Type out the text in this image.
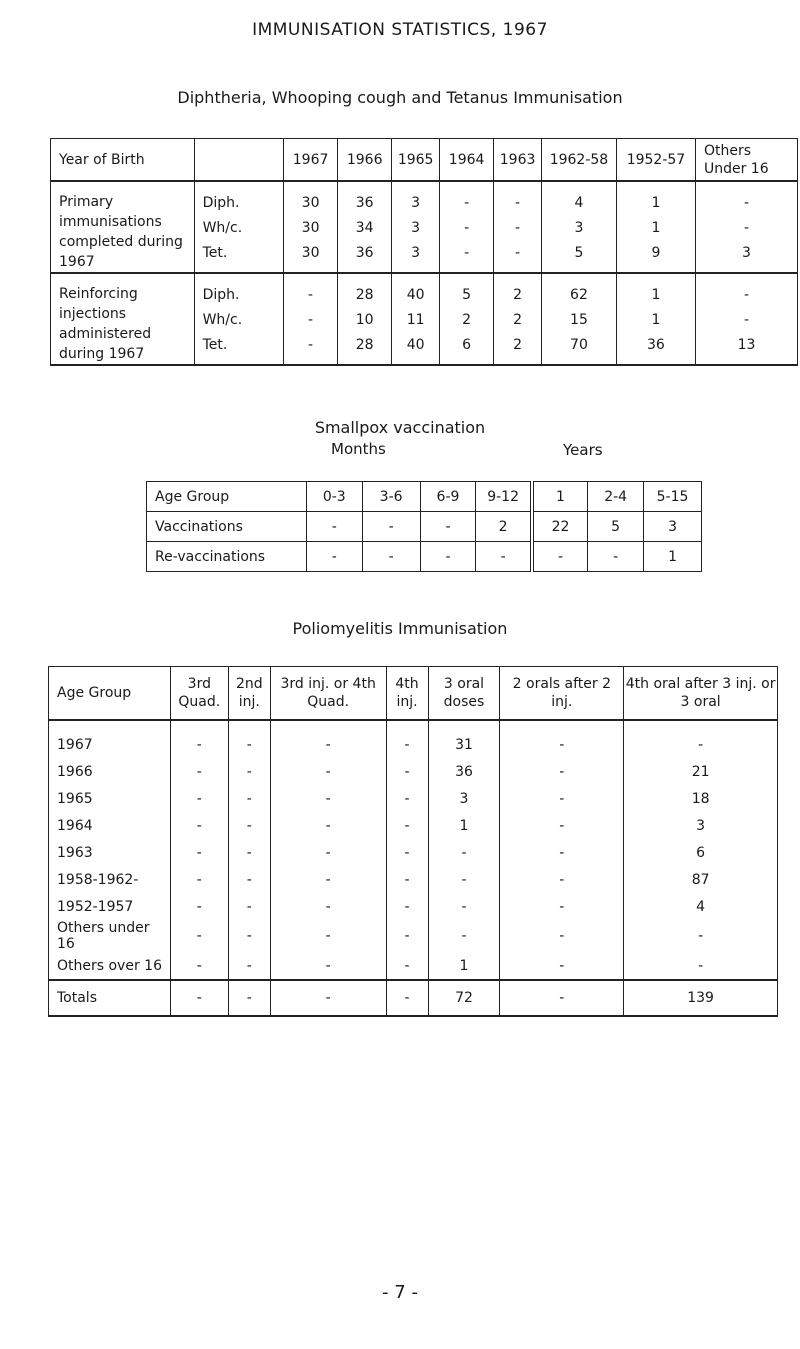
IMMUNISATION STATISTICS, 1967
Diphtheria, Whooping cough and Tetanus Immunisation
Year of Birth		1967	1966	1965	1964	1963	1962-58	1952-57	Others Under 16
Primary immunisations completed during 1967	Diph.	30	36	3	-	-	4	1	-
	Wh/c.	30	34	3	-	-	3	1	-
	Tet.	30	36	3	-	-	5	9	3
Reinforcing injections administered during 1967	Diph.	-	28	40	5	2	62	1	-
	Wh/c.	-	10	11	2	2	15	1	-
	Tet.	-	28	40	6	2	70	36	13
Smallpox vaccination
Months	Years
Age Group	0-3	3-6	6-9	9-12	1	2-4	5-15
Vaccinations	-	-	-	2	22	5	3
Re-vaccinations	-	-	-	-	-	-	1
Poliomyelitis Immunisation
Age Group	3rd Quad.	2nd inj.	3rd inj. or 4th Quad.	4th inj.	3 oral doses	2 orals after 2 inj.	4th oral after 3 inj. or 3 oral
1967	-	-	-	-	31	-	-
1966	-	-	-	-	36	-	21
1965	-	-	-	-	3	-	18
1964	-	-	-	-	1	-	3
1963	-	-	-	-	-	-	6
1958-1962-	-	-	-	-	-	-	87
1952-1957	-	-	-	-	-	-	4
Others under 16	-	-	-	-	-	-	-
Others over 16	-	-	-	-	1	-	-
Totals	-	-	-	-	72	-	139
- 7 -
